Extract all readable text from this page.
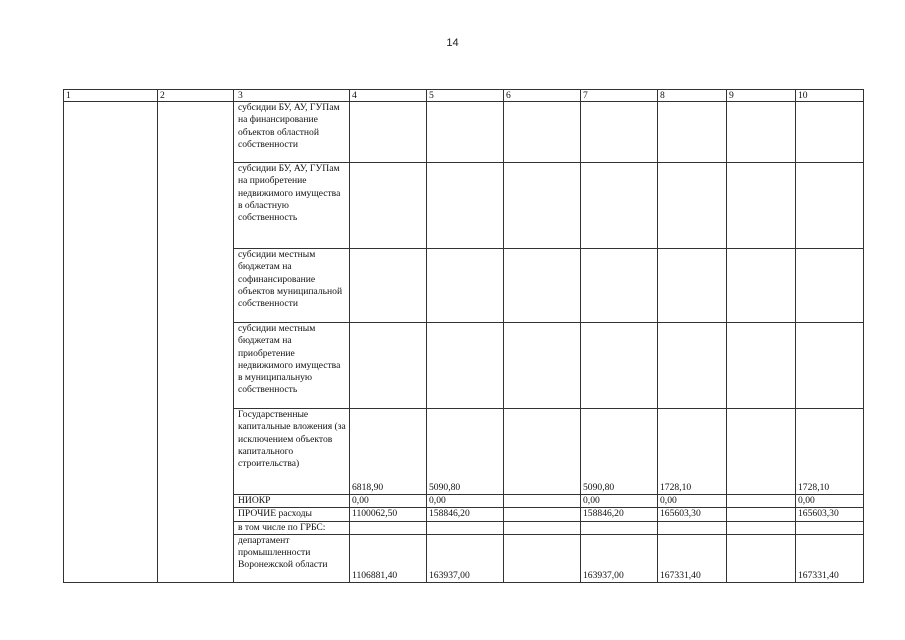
14
1	2	3	4	5	6	7	8	9	10
		субсидии БУ, АУ, ГУПам на финансирование объектов областной собственности							
		субсидии БУ, АУ, ГУПам на приобретение недвижимого имущества в областную собственность							
		субсидии местным бюджетам на софинансирование объектов муниципальной собственности							
		субсидии местным бюджетам на приобретение недвижимого имущества в муниципальную собственность							
		Государственные капитальные вложения (за исключением объектов капитального строительства)	6818,90	5090,80		5090,80	1728,10		1728,10
		НИОКР	0,00	0,00		0,00	0,00		0,00
		ПРОЧИЕ расходы	1100062,50	158846,20		158846,20	165603,30		165603,30
		в том числе по ГРБС:							
		департамент промышленности Воронежской области	1106881,40	163937,00		163937,00	167331,40		167331,40
